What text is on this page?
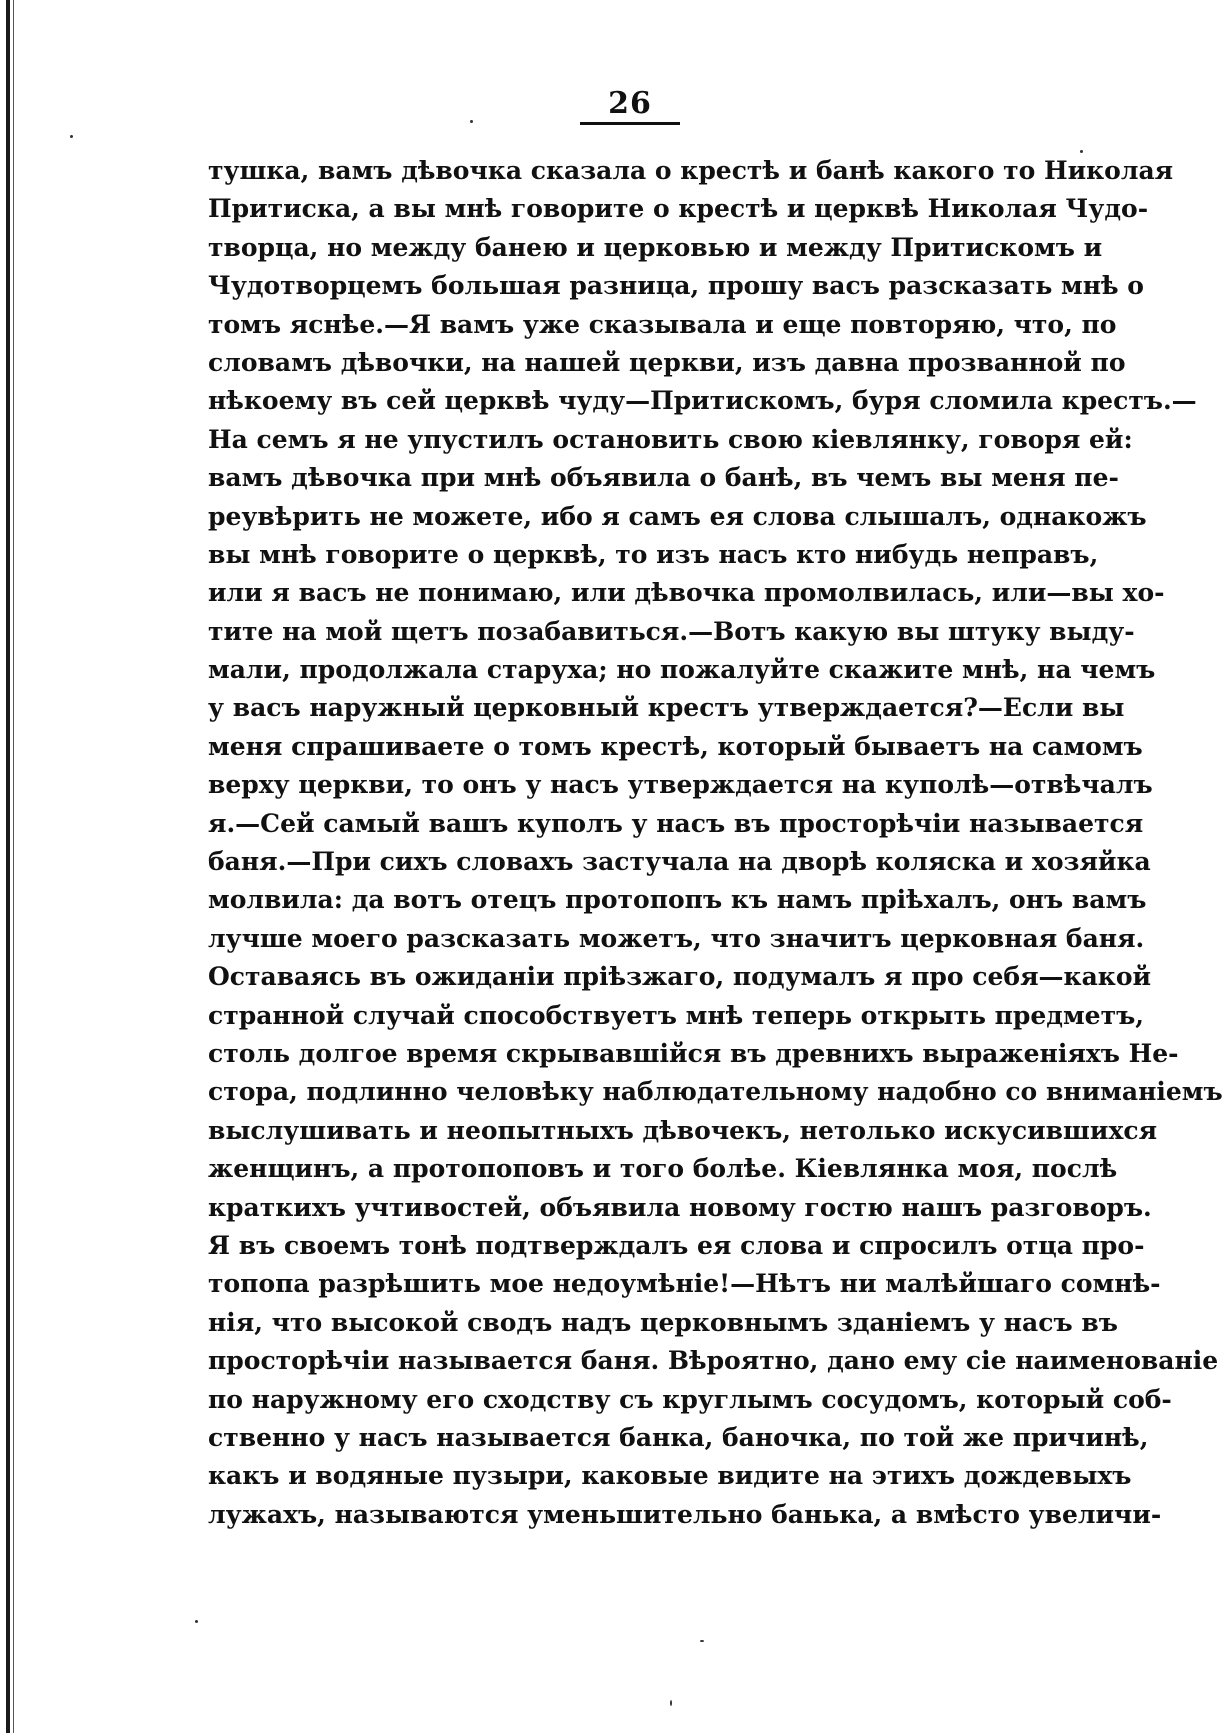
26
тушка, вамъ дѣвочка сказала о крестѣ и банѣ какого то Николая
Притиска, а вы мнѣ говорите о крестѣ и церквѣ Николая Чудо-
творца, но между банею и церковью и между Притискомъ и
Чудотворцемъ большая разница, прошу васъ разсказать мнѣ о
томъ яснѣе.—Я вамъ уже сказывала и еще повторяю, что, по
словамъ дѣвочки, на нашей церкви, изъ давна прозванной по
нѣкоему въ сей церквѣ чуду—Притискомъ, буря сломила крестъ.—
На семъ я не упустилъ остановить свою кіевлянку, говоря ей:
вамъ дѣвочка при мнѣ объявила о банѣ, въ чемъ вы меня пе-
реувѣрить не можете, ибо я самъ ея слова слышалъ, однакожъ
вы мнѣ говорите о церквѣ, то изъ насъ кто нибудь неправъ,
или я васъ не понимаю, или дѣвочка промолвилась, или—вы хо-
тите на мой щетъ позабавиться.—Вотъ какую вы штуку выду-
мали, продолжала старуха; но пожалуйте скажите мнѣ, на чемъ
у васъ наружный церковный крестъ утверждается?—Если вы
меня спрашиваете о томъ крестѣ, который бываетъ на самомъ
верху церкви, то онъ у насъ утверждается на куполѣ—отвѣчалъ
я.—Сей самый вашъ куполъ у насъ въ просторѣчіи называется
баня.—При сихъ словахъ застучала на дворѣ коляска и хозяйка
молвила: да вотъ отецъ протопопъ къ намъ пріѣхалъ, онъ вамъ
лучше моего разсказать можетъ, что значитъ церковная баня.
Оставаясь въ ожиданіи пріѣзжаго, подумалъ я про себя—какой
странной случай способствуетъ мнѣ теперь открыть предметъ,
столь долгое время скрывавшійся въ древнихъ выраженіяхъ Не-
стора, подлинно человѣку наблюдательному надобно со вниманіемъ
выслушивать и неопытныхъ дѣвочекъ, нетолько искусившихся
женщинъ, а протопоповъ и того болѣе. Кіевлянка моя, послѣ
краткихъ учтивостей, объявила новому гостю нашъ разговоръ.
Я въ своемъ тонѣ подтверждалъ ея слова и спросилъ отца про-
топопа разрѣшить мое недоумѣніе!—Нѣтъ ни малѣйшаго сомнѣ-
нія, что высокой сводъ надъ церковнымъ зданіемъ у насъ въ
просторѣчіи называется баня. Вѣроятно, дано ему сіе наименованіе
по наружному его сходству съ круглымъ сосудомъ, который соб-
ственно у насъ называется банка, баночка, по той же причинѣ,
какъ и водяные пузыри, каковые видите на этихъ дождевыхъ
лужахъ, называются уменьшительно банька, а вмѣсто увеличи-
